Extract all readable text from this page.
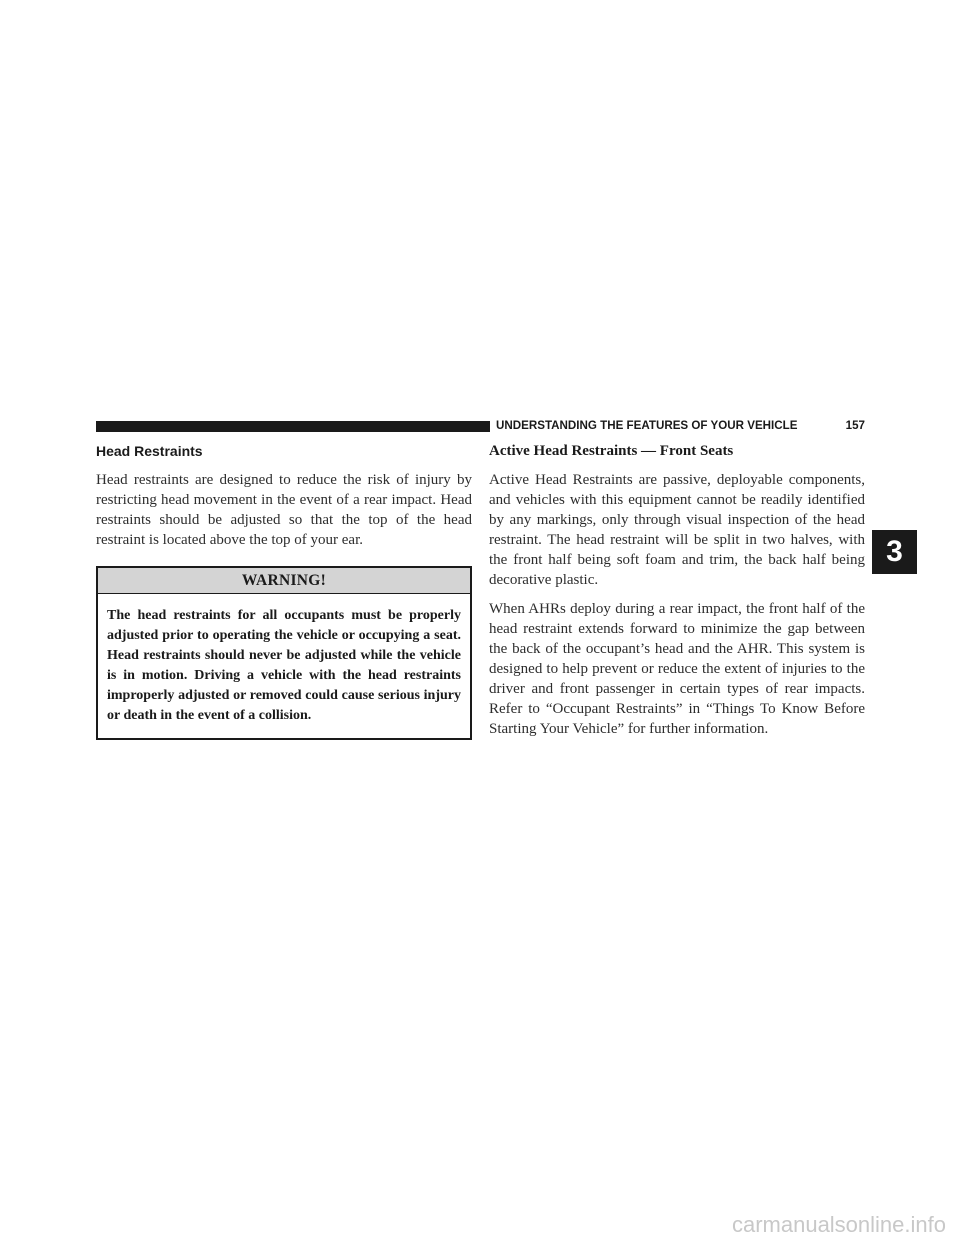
UNDERSTANDING THE FEATURES OF YOUR VEHICLE	157
Head Restraints

Head restraints are designed to reduce the risk of injury by restricting head movement in the event of a rear impact. Head restraints should be adjusted so that the top of the head restraint is located above the top of your ear.

WARNING!
The head restraints for all occupants must be properly adjusted prior to operating the vehicle or occupying a seat. Head restraints should never be adjusted while the vehicle is in motion. Driving a vehicle with the head restraints improperly adjusted or removed could cause serious injury or death in the event of a collision.
Active Head Restraints — Front Seats

Active Head Restraints are passive, deployable components, and vehicles with this equipment cannot be readily identified by any markings, only through visual inspection of the head restraint. The head restraint will be split in two halves, with the front half being soft foam and trim, the back half being decorative plastic.

When AHRs deploy during a rear impact, the front half of the head restraint extends forward to minimize the gap between the back of the occupant’s head and the AHR. This system is designed to help prevent or reduce the extent of injuries to the driver and front passenger in certain types of rear impacts. Refer to “Occupant Restraints” in “Things To Know Before Starting Your Vehicle” for further information.

3
carmanualsonline.info
